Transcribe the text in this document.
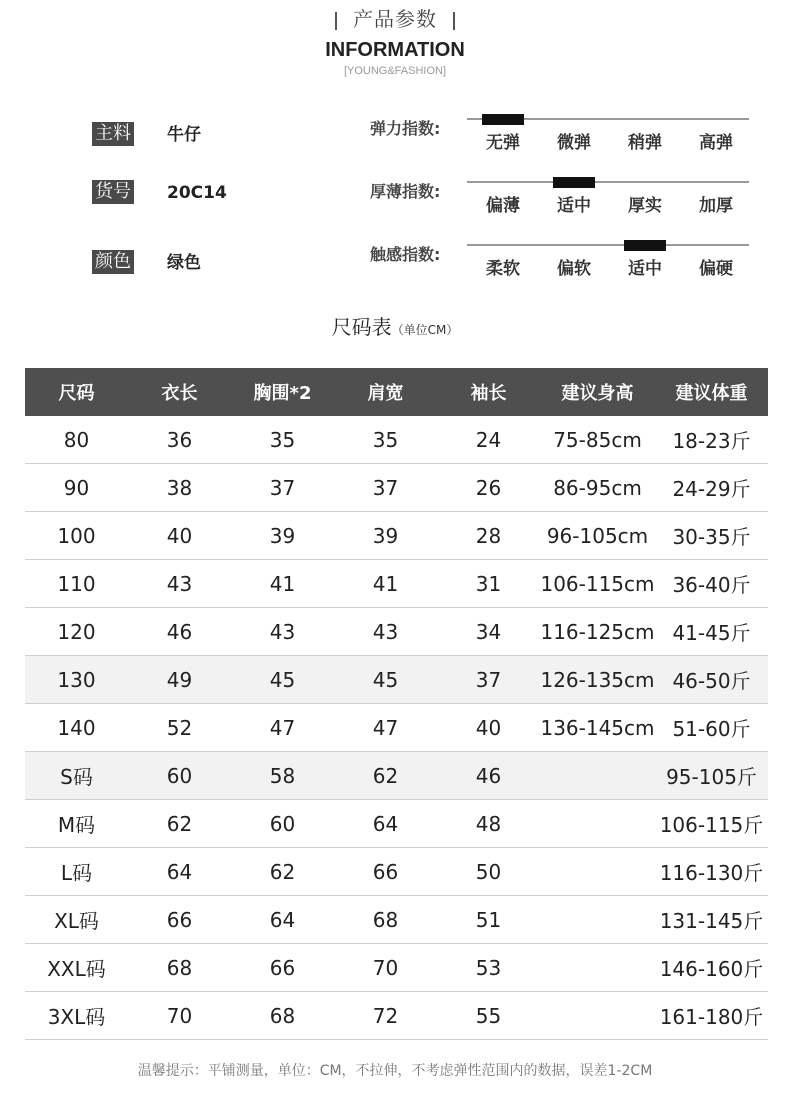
产品参数
INFORMATION
[YOUNG&FASHION]
主料 牛仔
货号 20C14
颜色 绿色
弹力指数:
无弹	微弹	稍弹	高弹
厚薄指数:
偏薄	适中	厚实	加厚
触感指数:
柔软	偏软	适中	偏硬
尺码表（单位CM）
尺码	衣长	胸围*2	肩宽	袖长	建议身高	建议体重
80	36	35	35	24	75-85cm	18-23斤
90	38	37	37	26	86-95cm	24-29斤
100	40	39	39	28	96-105cm	30-35斤
110	43	41	41	31	106-115cm	36-40斤
120	46	43	43	34	116-125cm	41-45斤
130	49	45	45	37	126-135cm	46-50斤
140	52	47	47	40	136-145cm	51-60斤
S码	60	58	62	46		95-105斤
M码	62	60	64	48		106-115斤
L码	64	62	66	50		116-130斤
XL码	66	64	68	51		131-145斤
XXL码	68	66	70	53		146-160斤
3XL码	70	68	72	55		161-180斤
温馨提示：平铺测量，单位：CM，不拉伸，不考虑弹性范围内的数据，误差1-2CM
